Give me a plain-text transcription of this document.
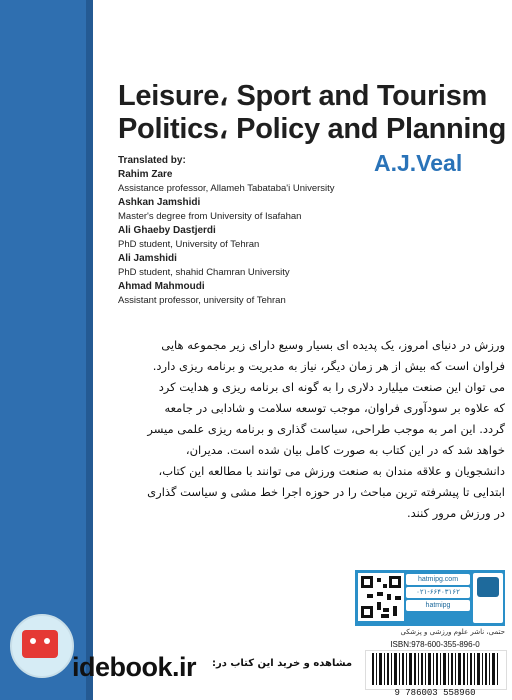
Leisure، Sport and Tourism
Politics، Policy and Planning
A.J.Veal
Translated by:
Rahim Zare
Assistance professor, Allameh Tabataba'i University
Ashkan Jamshidi
Master's degree from University of Isafahan
Ali Ghaeby Dastjerdi
PhD student, University of Tehran
Ali Jamshidi
PhD student, shahid Chamran University
Ahmad Mahmoudi
Assistant professor, university of Tehran
ورزش در دنیای امروز، یک پدیده ای بسیار وسیع دارای زیر مجموعه هایی
فراوان است که بیش از هر زمان دیگر، نیاز به مدیریت و برنامه ریزی دارد.
می توان این صنعت میلیارد دلاری را به گونه ای برنامه ریزی و هدایت کرد
که علاوه بر سودآوری فراوان، موجب توسعه سلامت و شادابی در جامعه
گردد. این امر به موجب طراحی، سیاست گذاری و برنامه ریزی علمی میسر
خواهد شد که در این کتاب به صورت کامل بیان شده است. مدیران،
دانشجویان و علاقه مندان به صنعت ورزش می توانند با مطالعه این کتاب،
ابتدایی تا پیشرفته ترین مباحث را در حوزه اجرا خط مشی و سیاست گذاری
در ورزش مرور کنند.
hatmipg.com
۰۲۱-۶۶۴۰۳۱۶۲
hatmipg
حتمی، ناشر علوم ورزشی و پزشکی
ISBN:978-600-355-896-0
9 786003 558960
idebook.ir مشاهده و خرید این کتاب در:
